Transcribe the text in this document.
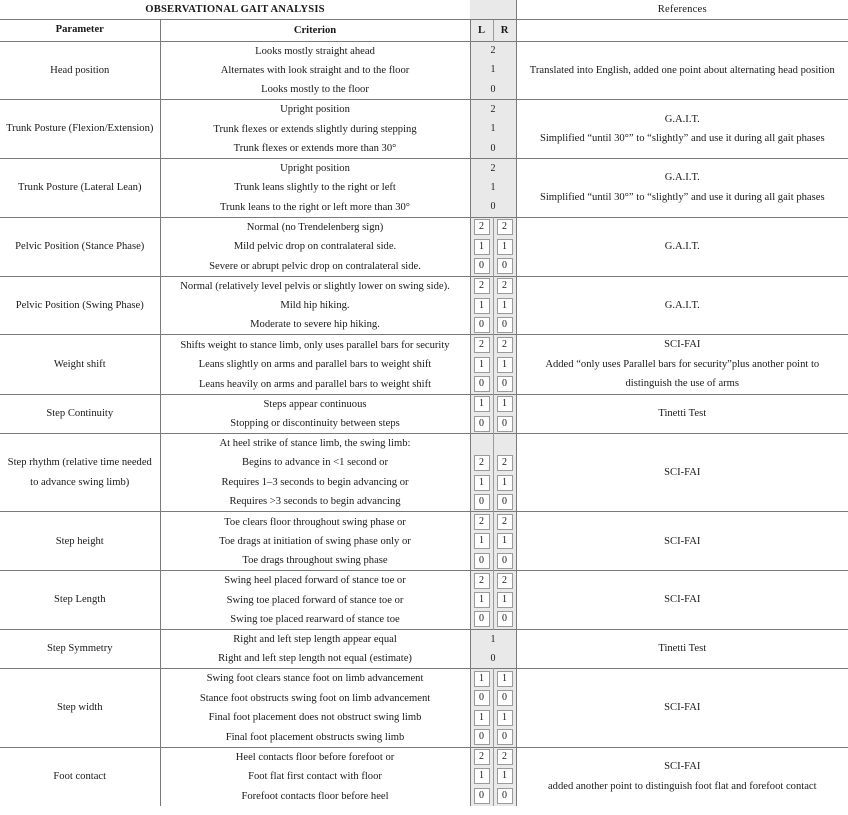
OBSERVATIONAL GAIT ANALYSIS				References
Parameter	Criterion	L	R	
Head position	Looks mostly straight ahead	2		Translated into English, added one point about alternating head position
	Alternates with look straight and to the floor	1		
	Looks mostly to the floor	0		
Trunk Posture (Flexion/Extension)	Upright position	2		G.A.I.T.
Simplified “until 30°” to “slightly” and use it during all gait phases
	Trunk flexes or extends slightly during stepping	1		
	Trunk flexes or extends more than 30°	0		
Trunk Posture (Lateral Lean)	Upright position	2		G.A.I.T.
Simplified “until 30°” to “slightly” and use it during all gait phases
	Trunk leans slightly to the right or left	1		
	Trunk leans to the right or left more than 30°	0		
Pelvic Position (Stance Phase)	Normal (no Trendelenberg sign)	2	2	G.A.I.T.
	Mild pelvic drop on contralateral side.	1	1	
	Severe or abrupt pelvic drop on contralateral side.	0	0	
Pelvic Position (Swing Phase)	Normal (relatively level pelvis or slightly lower on swing side).	2	2	G.A.I.T.
	Mild hip hiking.	1	1	
	Moderate to severe hip hiking.	0	0	
Weight shift	Shifts weight to stance limb, only uses parallel bars for security	2	2	SCI-FAI
Added “only uses Parallel bars for security”plus another point to distinguish the use of arms
	Leans slightly on arms and parallel bars to weight shift	1	1	
	Leans heavily on arms and parallel bars to weight shift	0	0	
Step Continuity	Steps appear continuous	1	1	Tinetti Test
	Stopping or discontinuity between steps	0	0	
Step rhythm (relative time needed to advance swing limb)	At heel strike of stance limb, the swing limb:			SCI-FAI
	Begins to advance in <1 second or	2	2	
	Requires 1–3 seconds to begin advancing or	1	1	
	Requires >3 seconds to begin advancing	0	0	
Step height	Toe clears floor throughout swing phase or	2	2	SCI-FAI
	Toe drags at initiation of swing phase only or	1	1	
	Toe drags throughout swing phase	0	0	
Step Length	Swing heel placed forward of stance toe or	2	2	SCI-FAI
	Swing toe placed forward of stance toe or	1	1	
	Swing toe placed rearward of stance toe	0	0	
Step Symmetry	Right and left step length appear equal	1		Tinetti Test
	Right and left step length not equal (estimate)	0		
Step width	Swing foot clears stance foot on limb advancement	1	1	SCI-FAI
	Stance foot obstructs swing foot on limb advancement	0	0	
	Final foot placement does not obstruct swing limb	1	1	
	Final foot placement obstructs swing limb	0	0	
Foot contact	Heel contacts floor before forefoot or	2	2	SCI-FAI
added another point to distinguish foot flat and forefoot contact
	Foot flat first contact with floor	1	1	
	Forefoot contacts floor before heel	0	0	
